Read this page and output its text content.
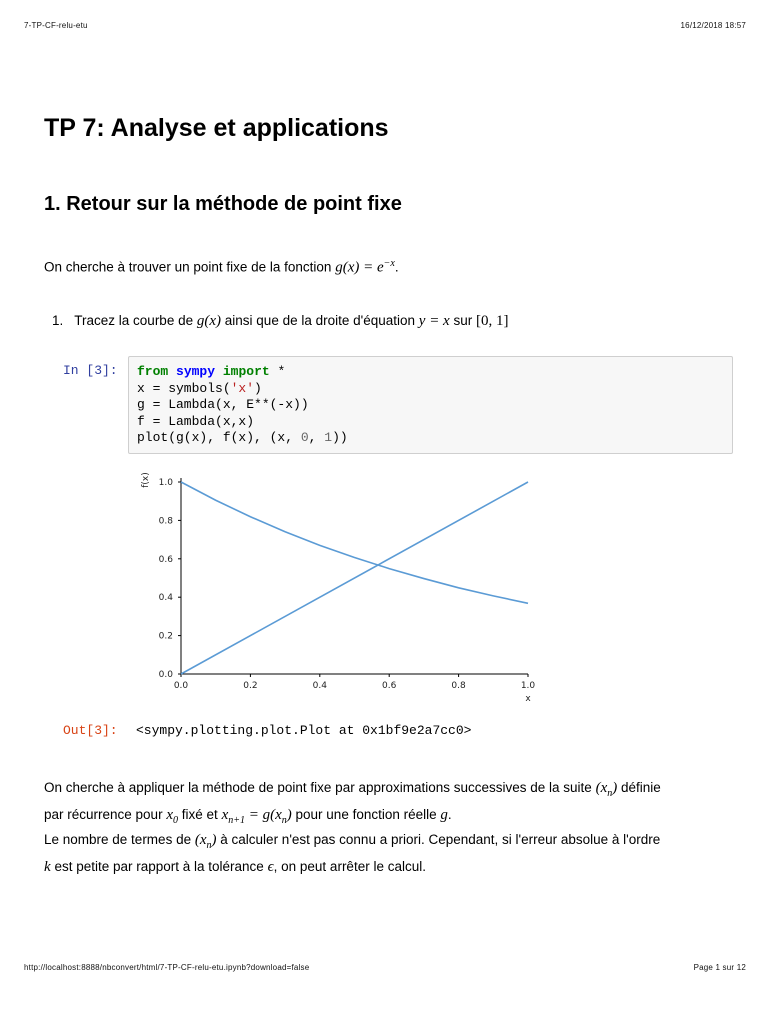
7-TP-CF-relu-etu	16/12/2018 18:57
TP 7: Analyse et applications
1. Retour sur la méthode de point fixe
On cherche à trouver un point fixe de la fonction $g(x) = e^{-x}$.
1. Tracez la courbe de g(x) ainsi que de la droite d'équation y = x sur [0, 1]
In [3]: from sympy import *
x = symbols('x')
g = Lambda(x, E**(-x))
f = Lambda(x,x)
plot(g(x), f(x), (x, 0, 1))
0.0	0.2	0.4	0.6	0.8	1.0
0.0
0.2
0.4
0.6
0.8
1.0
x
f(x)
Out[3]: <sympy.plotting.plot.Plot at 0x1bf9e2a7cc0>
On cherche à appliquer la méthode de point fixe par approximations successives de la suite $(x_n)$ définie
par récurrence pour $x_0$ fixé et $x_{n+1} = g(x_n)$ pour une fonction réelle g.
Le nombre de termes de $(x_n)$ à calculer n'est pas connu a priori. Cependant, si l'erreur absolue à l'ordre
k est petite par rapport à la tolérance ϵ, on peut arrêter le calcul.
http://localhost:8888/nbconvert/html/7-TP-CF-relu-etu.ipynb?download=false	Page 1 sur 12
